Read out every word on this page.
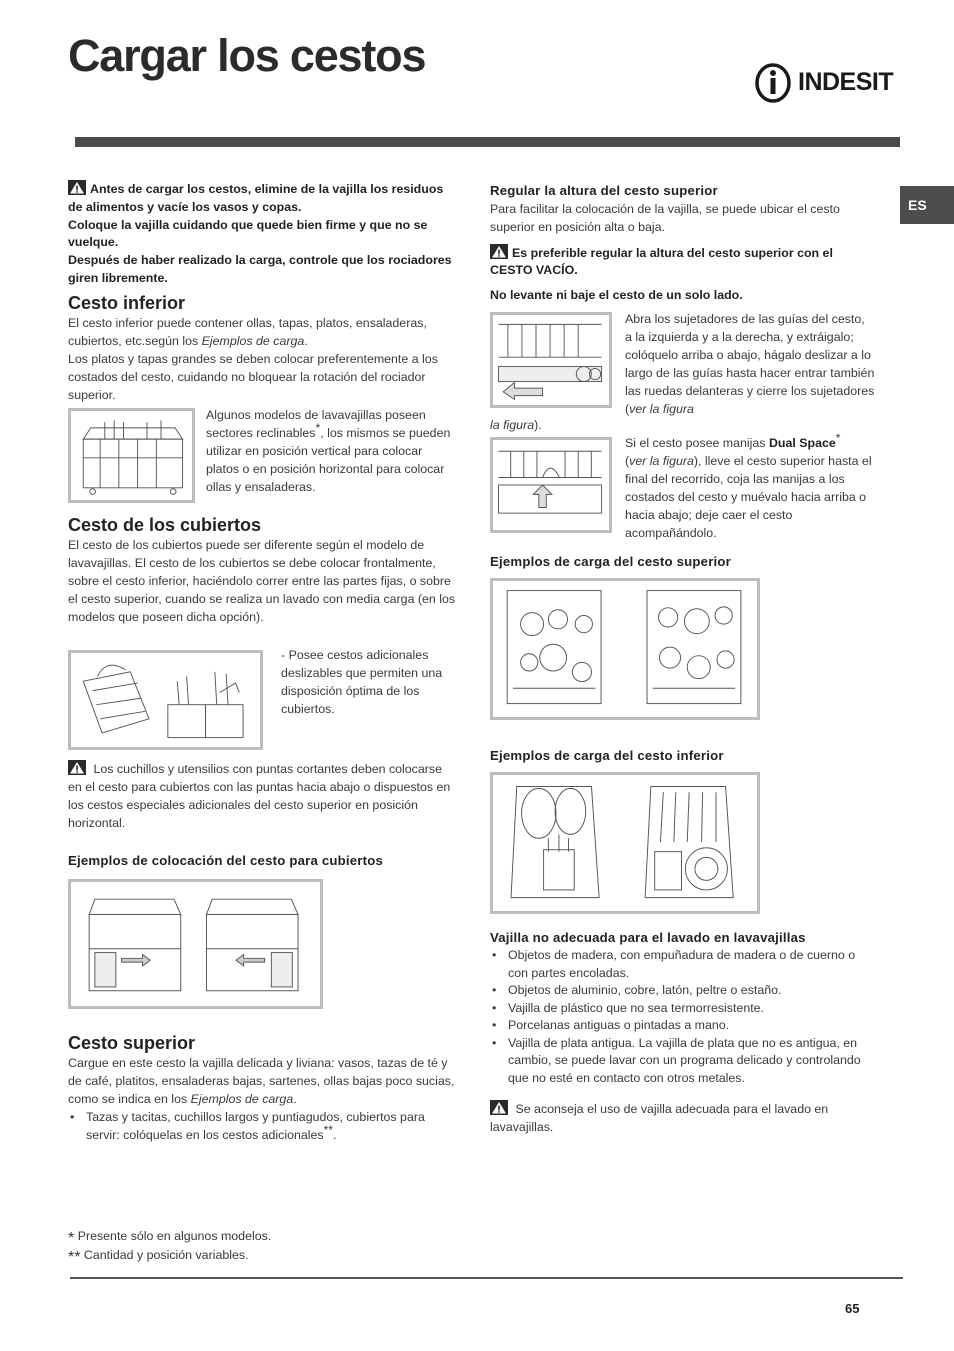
Cargar los cestos
INDESIT
ES

Antes de cargar los cestos, elimine de la vajilla los residuos de alimentos y vacíe los vasos y copas.
Coloque la vajilla cuidando que quede bien firme y que no se vuelque.
Después de haber realizado la carga, controle que los rociadores giren libremente.

Cesto inferior

El cesto inferior puede contener ollas, tapas, platos, ensaladeras, cubiertos, etc.según los Ejemplos de carga.

Los platos y tapas grandes se deben colocar preferentemente a los costados del cesto, cuidando no bloquear la rotación del rociador superior.

Algunos modelos de lavavajillas poseen sectores reclinables*, los mismos se pueden utilizar en posición vertical para colocar platos o en posición horizontal para colocar ollas y ensaladeras.

Cesto de los cubiertos

El cesto de los cubiertos puede ser diferente según el modelo de lavavajillas. El cesto de los cubiertos se debe colocar frontalmente, sobre el cesto inferior, haciéndolo correr entre las partes fijas, o sobre el cesto superior, cuando se realiza un lavado con media carga (en los modelos que poseen dicha opción).

- Posee cestos adicionales deslizables que permiten una disposición óptima de los cubiertos.

Los cuchillos y utensilios con puntas cortantes deben colocarse en el cesto para cubiertos con las puntas hacia abajo o dispuestos en los cestos especiales adicionales del cesto superior en posición horizontal.

Ejemplos de colocación del cesto para cubiertos

Cesto superior

Cargue en este cesto la vajilla delicada y liviana: vasos, tazas de té y de café, platitos, ensaladeras bajas, sartenes, ollas bajas poco sucias, como se indica en los Ejemplos de carga.

• Tazas y tacitas, cuchillos largos y puntiagudos, cubiertos para servir: colóquelas en los cestos adicionales**.
* Presente sólo en algunos modelos.
** Cantidad y posición variables.

Regular la altura del cesto superior

Para facilitar la colocación de la vajilla, se puede ubicar el cesto superior en posición alta o baja.

Es preferible regular la altura del cesto superior con el CESTO VACÍO.

No levante ni baje el cesto de un solo lado.

Abra los sujetadores de las guías del cesto, a la izquierda y a la derecha, y extráigalo; colóquelo arriba o abajo, hágalo deslizar a lo largo de las guías hasta hacer entrar también las ruedas delanteras y cierre los sujetadores (ver la figura

la figura).

Si el cesto posee manijas Dual Space*
(ver la figura), lleve el cesto superior hasta el final del recorrido, coja las manijas a los costados del cesto y muévalo hacia arriba o hacia abajo; deje caer el cesto acompañándolo.

Ejemplos de carga del cesto superior
Ejemplos de carga del cesto inferior

Vajilla no adecuada para el lavado en lavavajillas

• Objetos de madera, con empuñadura de madera o de cuerno o con partes encoladas.
• Objetos de aluminio, cobre, latón, peltre o estaño.
• Vajilla de plástico que no sea termorresistente.
• Porcelanas antiguas o pintadas a mano.
• Vajilla de plata antigua. La vajilla de plata que no es antigua, en cambio, se puede lavar con un programa delicado y controlando que no esté en contacto con otros metales.

Se aconseja el uso de vajilla adecuada para el lavado en lavavajillas.

65
